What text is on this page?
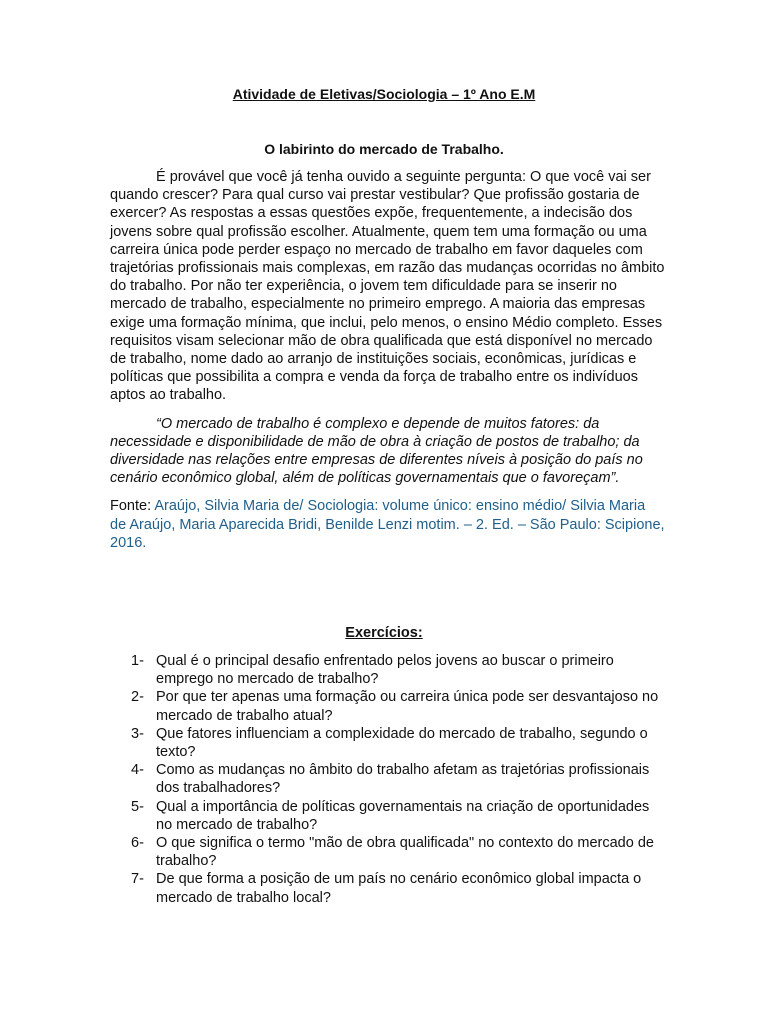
Atividade de Eletivas/Sociologia – 1º Ano E.M
O labirinto do mercado de Trabalho.

É provável que você já tenha ouvido a seguinte pergunta: O que você vai ser quando crescer? Para qual curso vai prestar vestibular? Que profissão gostaria de exercer? As respostas a essas questões expõe, frequentemente, a indecisão dos jovens sobre qual profissão escolher. Atualmente, quem tem uma formação ou uma carreira única pode perder espaço no mercado de trabalho em favor daqueles com trajetórias profissionais mais complexas, em razão das mudanças ocorridas no âmbito do trabalho. Por não ter experiência, o jovem tem dificuldade para se inserir no mercado de trabalho, especialmente no primeiro emprego. A maioria das empresas exige uma formação mínima, que inclui, pelo menos, o ensino Médio completo. Esses requisitos visam selecionar mão de obra qualificada que está disponível no mercado de trabalho, nome dado ao arranjo de instituições sociais, econômicas, jurídicas e políticas que possibilita a compra e venda da força de trabalho entre os indivíduos aptos ao trabalho.

“O mercado de trabalho é complexo e depende de muitos fatores: da necessidade e disponibilidade de mão de obra à criação de postos de trabalho; da diversidade nas relações entre empresas de diferentes níveis à posição do país no cenário econômico global, além de políticas governamentais que o favoreçam”.

Fonte: Araújo, Silvia Maria de/ Sociologia: volume único: ensino médio/ Silvia Maria de Araújo, Maria Aparecida Bridi, Benilde Lenzi motim. – 2. Ed. – São Paulo: Scipione, 2016.

Exercícios:
1- Qual é o principal desafio enfrentado pelos jovens ao buscar o primeiro emprego no mercado de trabalho?
2- Por que ter apenas uma formação ou carreira única pode ser desvantajoso no mercado de trabalho atual?
3- Que fatores influenciam a complexidade do mercado de trabalho, segundo o texto?
4- Como as mudanças no âmbito do trabalho afetam as trajetórias profissionais dos trabalhadores?
5- Qual a importância de políticas governamentais na criação de oportunidades no mercado de trabalho?
6- O que significa o termo "mão de obra qualificada" no contexto do mercado de trabalho?
7- De que forma a posição de um país no cenário econômico global impacta o mercado de trabalho local?
